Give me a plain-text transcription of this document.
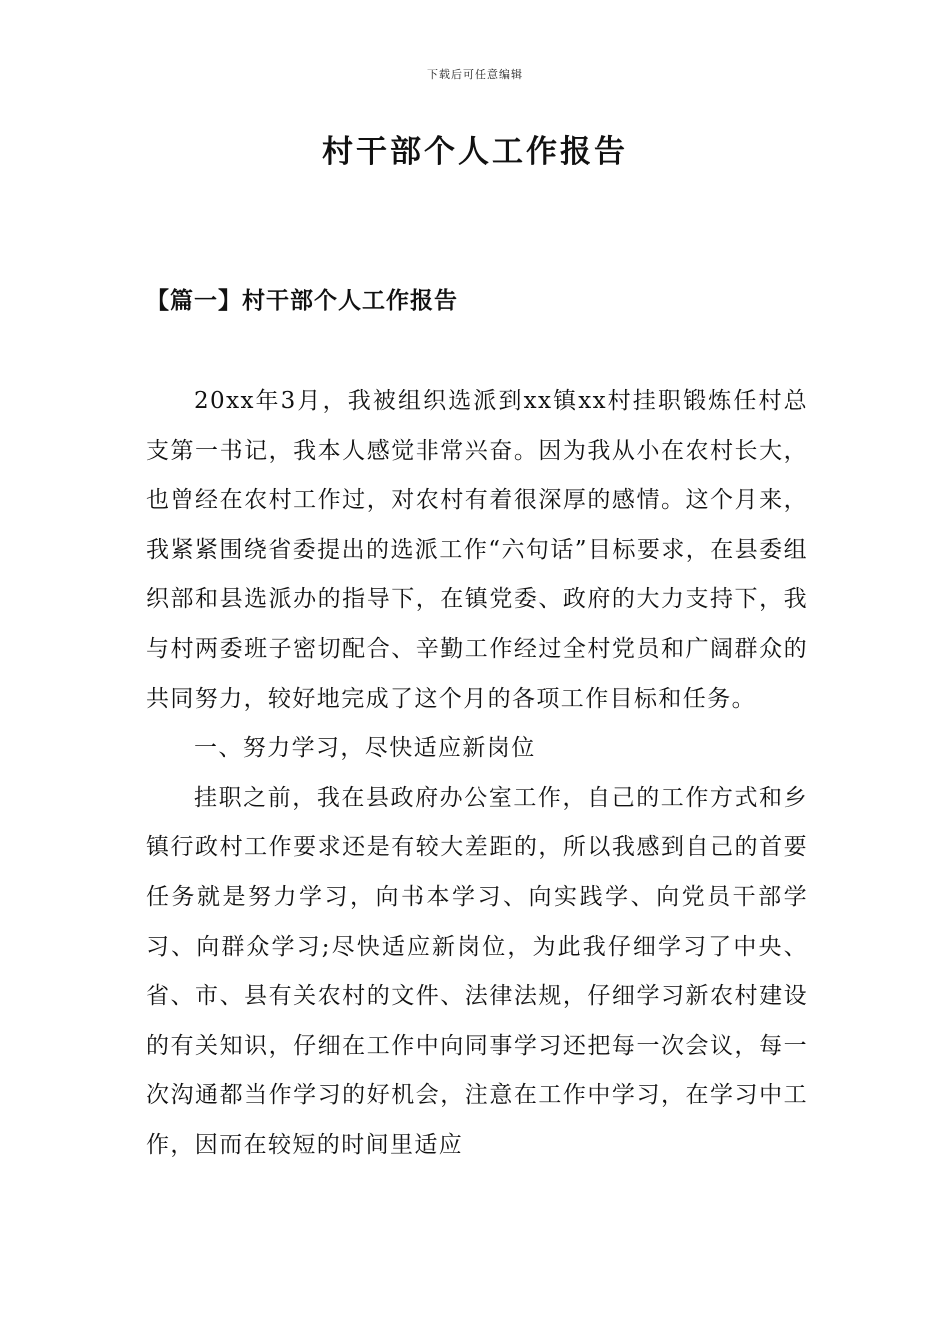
下载后可任意编辑
村干部个人工作报告
【篇一】村干部个人工作报告

20xx年3月，我被组织选派到xx镇xx村挂职锻炼任村总支第一书记，我本人感觉非常兴奋。因为我从小在农村长大，也曾经在农村工作过，对农村有着很深厚的感情。这个月来，我紧紧围绕省委提出的选派工作“六句话”目标要求，在县委组织部和县选派办的指导下，在镇党委、政府的大力支持下，我与村两委班子密切配合、辛勤工作经过全村党员和广阔群众的共同努力，较好地完成了这个月的各项工作目标和任务。

一、努力学习，尽快适应新岗位

挂职之前，我在县政府办公室工作，自己的工作方式和乡镇行政村工作要求还是有较大差距的，所以我感到自己的首要任务就是努力学习，向书本学习、向实践学、向党员干部学习、向群众学习;尽快适应新岗位，为此我仔细学习了中央、省、市、县有关农村的文件、法律法规，仔细学习新农村建设的有关知识，仔细在工作中向同事学习还把每一次会议，每一次沟通都当作学习的好机会，注意在工作中学习，在学习中工作，因而在较短的时间里适应
